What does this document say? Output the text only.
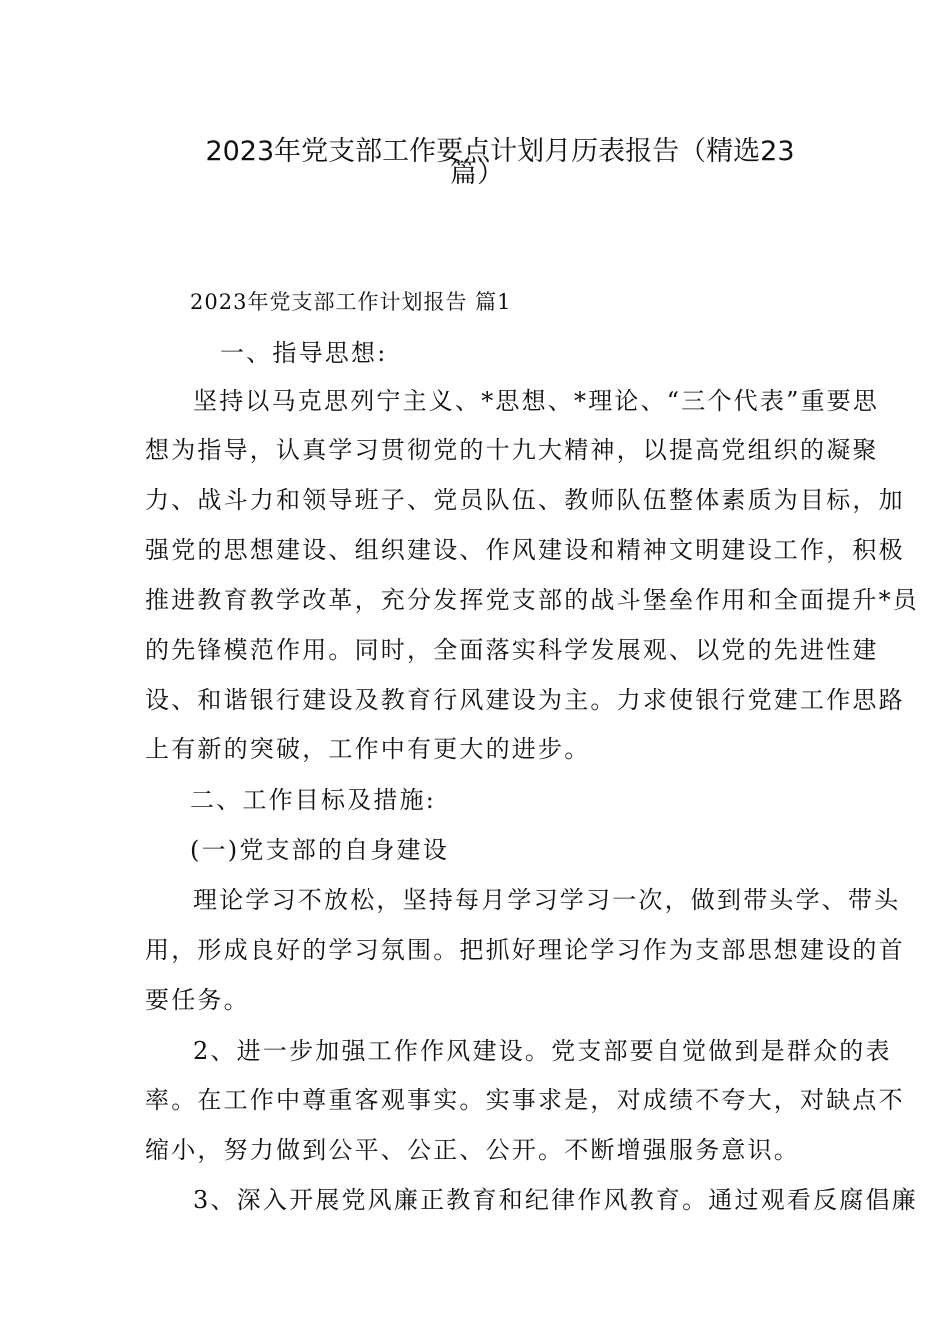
2023年党支部工作要点计划月历表报告（精选23
篇）
2023年党支部工作计划报告 篇1
一、指导思想:
坚持以马克思列宁主义、*思想、*理论、“三个代表”重要思
想为指导，认真学习贯彻党的十九大精神，以提高党组织的凝聚
力、战斗力和领导班子、党员队伍、教师队伍整体素质为目标，加
强党的思想建设、组织建设、作风建设和精神文明建设工作，积极
推进教育教学改革，充分发挥党支部的战斗堡垒作用和全面提升*员
的先锋模范作用。同时，全面落实科学发展观、以党的先进性建
设、和谐银行建设及教育行风建设为主。力求使银行党建工作思路
上有新的突破，工作中有更大的进步。
二、工作目标及措施:
(一)党支部的自身建设
理论学习不放松，坚持每月学习学习一次，做到带头学、带头
用，形成良好的学习氛围。把抓好理论学习作为支部思想建设的首
要任务。
2、进一步加强工作作风建设。党支部要自觉做到是群众的表
率。在工作中尊重客观事实。实事求是，对成绩不夸大，对缺点不
缩小，努力做到公平、公正、公开。不断增强服务意识。
3、深入开展党风廉正教育和纪律作风教育。通过观看反腐倡廉
